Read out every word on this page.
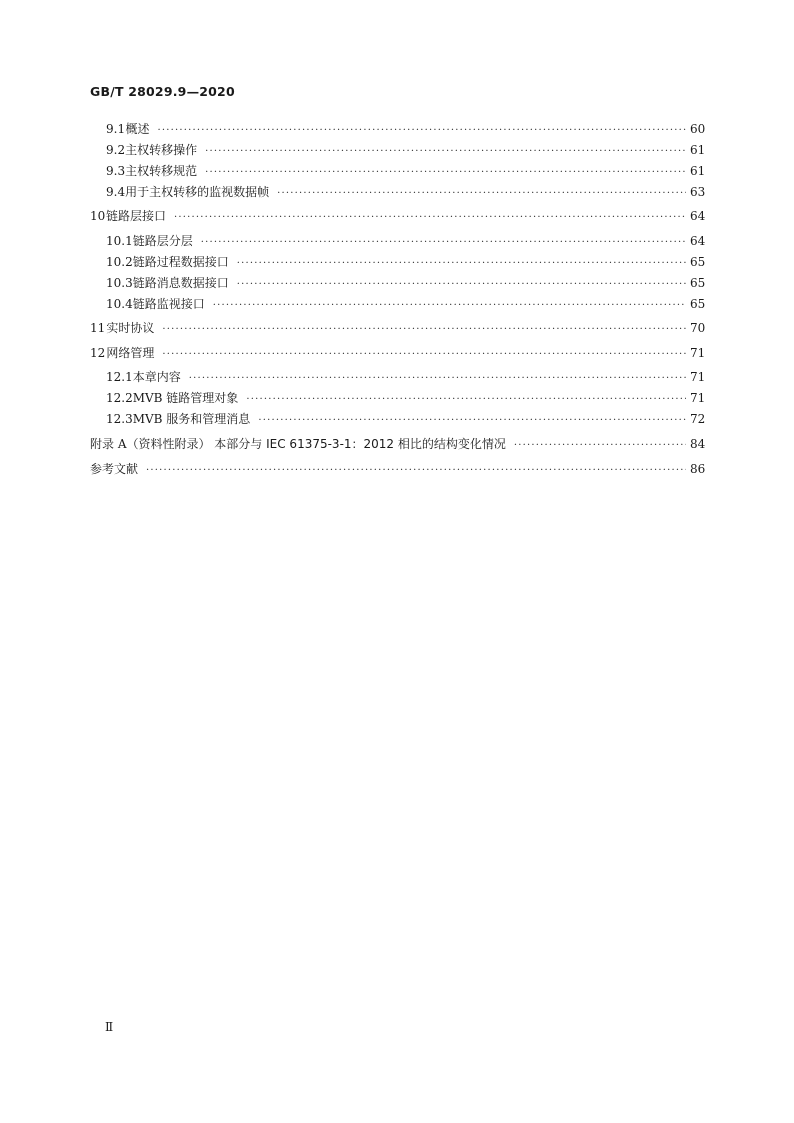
GB/T 28029.9—2020
9.1 概述 ·····	60
9.2 主权转移操作 ·····	61
9.3 主权转移规范 ·····	61
9.4 用于主权转移的监视数据帧 ·····	63
10 链路层接口 ·····	64
10.1 链路层分层 ·····	64
10.2 链路过程数据接口 ·····	65
10.3 链路消息数据接口 ·····	65
10.4 链路监视接口 ·····	65
11 实时协议 ·····	70
12 网络管理 ·····	71
12.1 本章内容 ·····	71
12.2 MVB 链路管理对象 ·····	71
12.3 MVB 服务和管理消息 ·····	72
附录 A （资料性附录） 本部分与 IEC 61375-3-1：2012 相比的结构变化情况 ·····	84
参考文献 ·····	86
Ⅱ
